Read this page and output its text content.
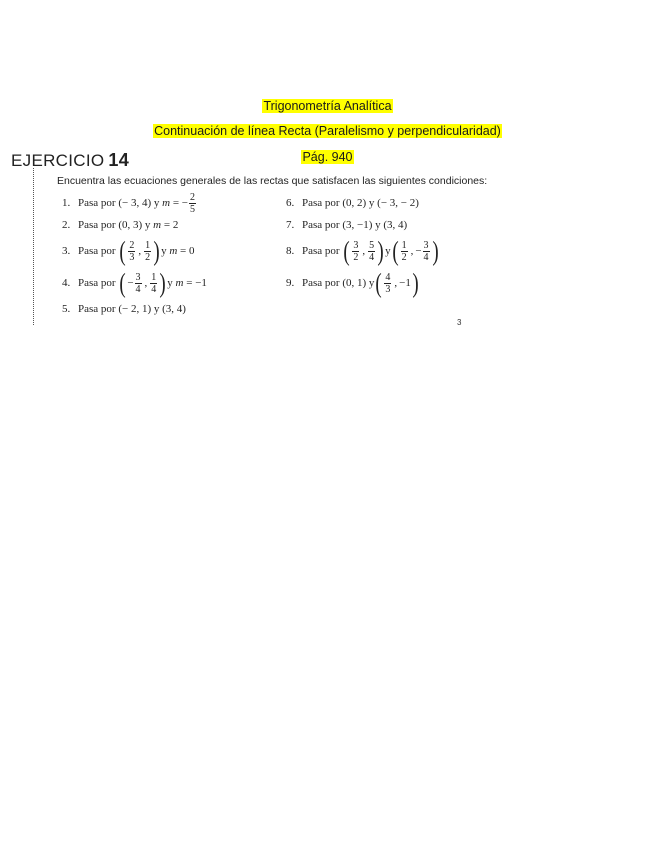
Trigonometría Analítica
Continuación de línea Recta (Paralelismo y perpendicularidad)
Pág. 940
EJERCICIO 14
Encuentra las ecuaciones generales de las rectas que satisfacen las siguientes condiciones:
1. Pasa por (− 3, 4) y
m
= − $\frac{2}{5}$
2. Pasa por (0, 3) y
m
= 2
3. Pasa por
( $\frac{2}{3}$ , $\frac{1}{2}$ ) y
m
= 0
4. Pasa por
( − $\frac{3}{4}$ , $\frac{1}{4}$ ) y
m
= −1
5. Pasa por (− 2, 1) y (3, 4)
6. Pasa por (0, 2) y (− 3, − 2)
7. Pasa por (3, −1) y (3, 4)
8. Pasa por
( $\frac{3}{2}$ , $\frac{5}{4}$ ) y ( $\frac{1}{2}$ , − $\frac{3}{4}$ )
9. Pasa por (0, 1) y ( $\frac{4}{3}$ , −1 )
3
